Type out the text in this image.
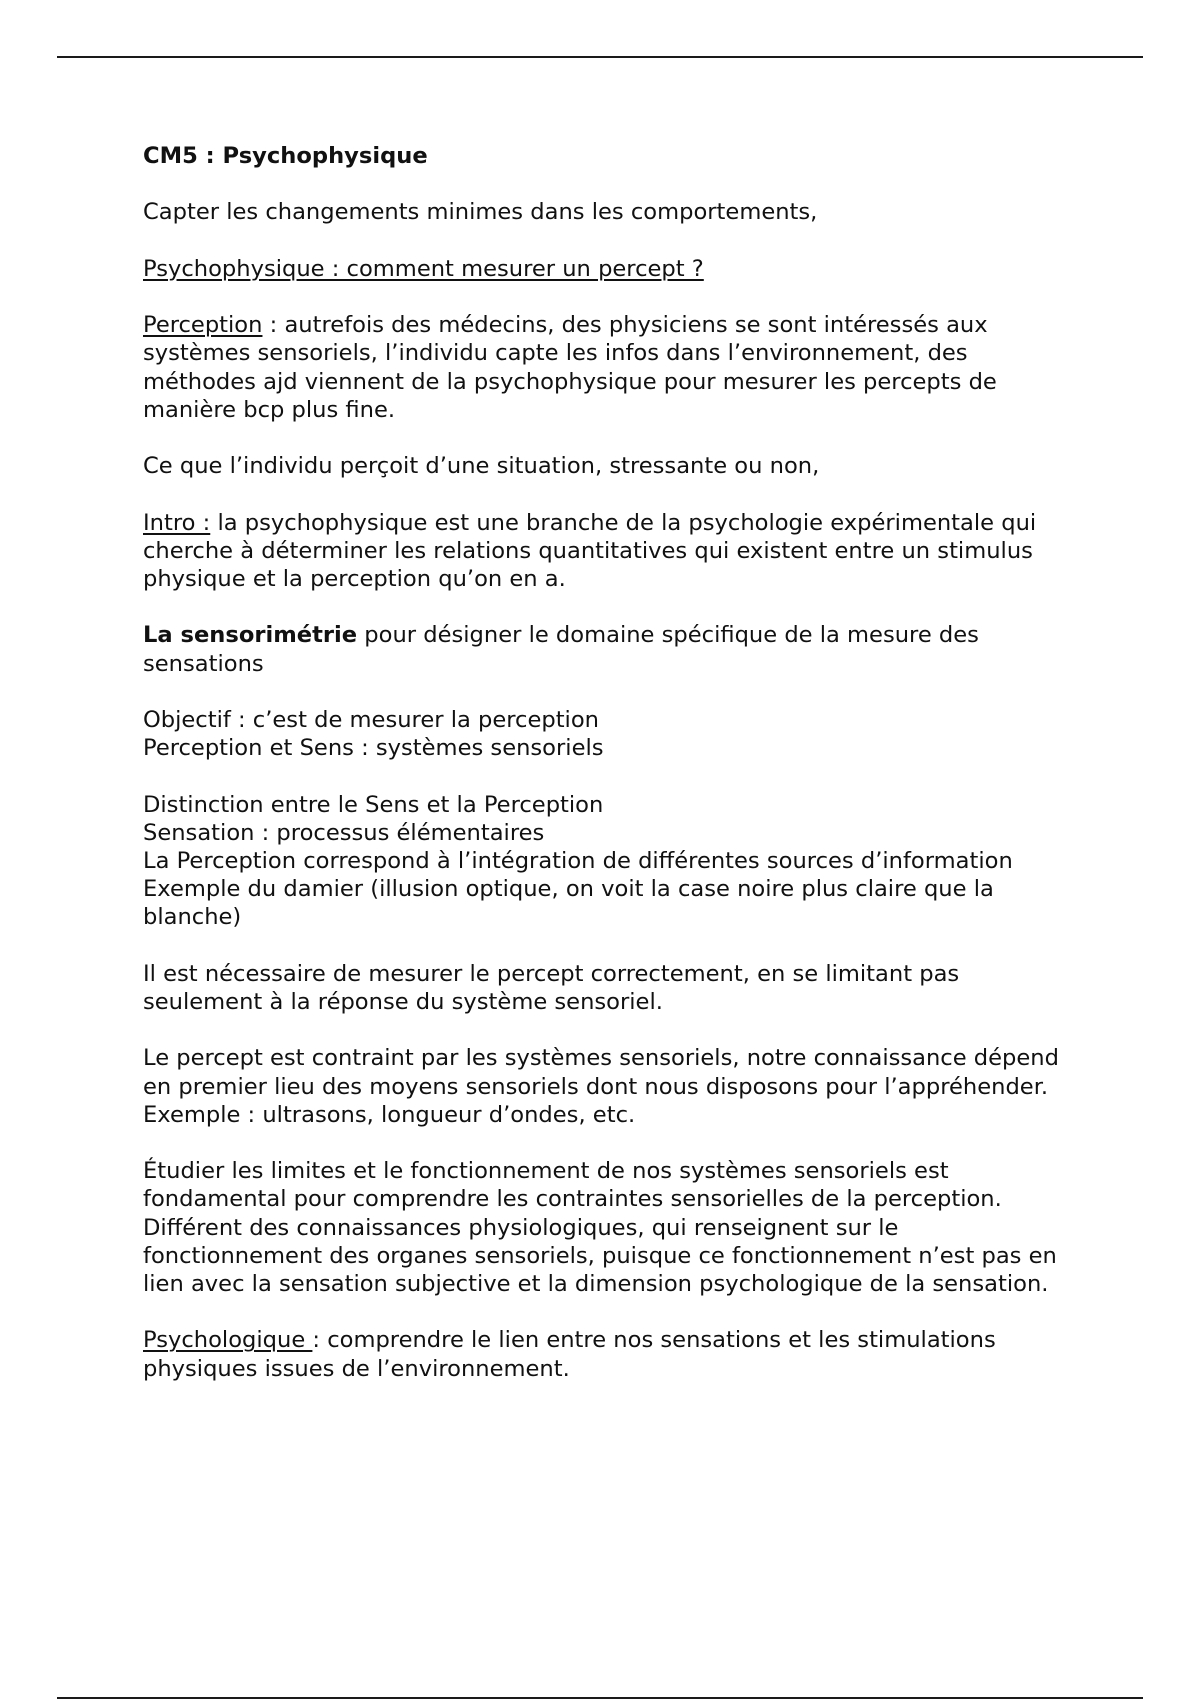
CM5 : Psychophysique

Capter les changements minimes dans les comportements,

Psychophysique : comment mesurer un percept ?

Perception : autrefois des médecins, des physiciens se sont intéressés aux systèmes sensoriels, l’individu capte les infos dans l’environnement, des méthodes ajd viennent de la psychophysique pour mesurer les percepts de manière bcp plus fine.

Ce que l’individu perçoit d’une situation, stressante ou non,

Intro : la psychophysique est une branche de la psychologie expérimentale qui cherche à déterminer les relations quantitatives qui existent entre un stimulus physique et la perception qu’on en a.

La sensorimétrie pour désigner le domaine spécifique de la mesure des sensations

Objectif : c’est de mesurer la perception
Perception et Sens : systèmes sensoriels

Distinction entre le Sens et la Perception
Sensation : processus élémentaires
La Perception correspond à l’intégration de différentes sources d’information
Exemple du damier (illusion optique, on voit la case noire plus claire que la blanche)

Il est nécessaire de mesurer le percept correctement, en se limitant pas seulement à la réponse du système sensoriel.

Le percept est contraint par les systèmes sensoriels, notre connaissance dépend en premier lieu des moyens sensoriels dont nous disposons pour l’appréhender.
Exemple : ultrasons, longueur d’ondes, etc.

Étudier les limites et le fonctionnement de nos systèmes sensoriels est fondamental pour comprendre les contraintes sensorielles de la perception.
Différent des connaissances physiologiques, qui renseignent sur le fonctionnement des organes sensoriels, puisque ce fonctionnement n’est pas en lien avec la sensation subjective et la dimension psychologique de la sensation.

Psychologique : comprendre le lien entre nos sensations et les stimulations physiques issues de l’environnement.
